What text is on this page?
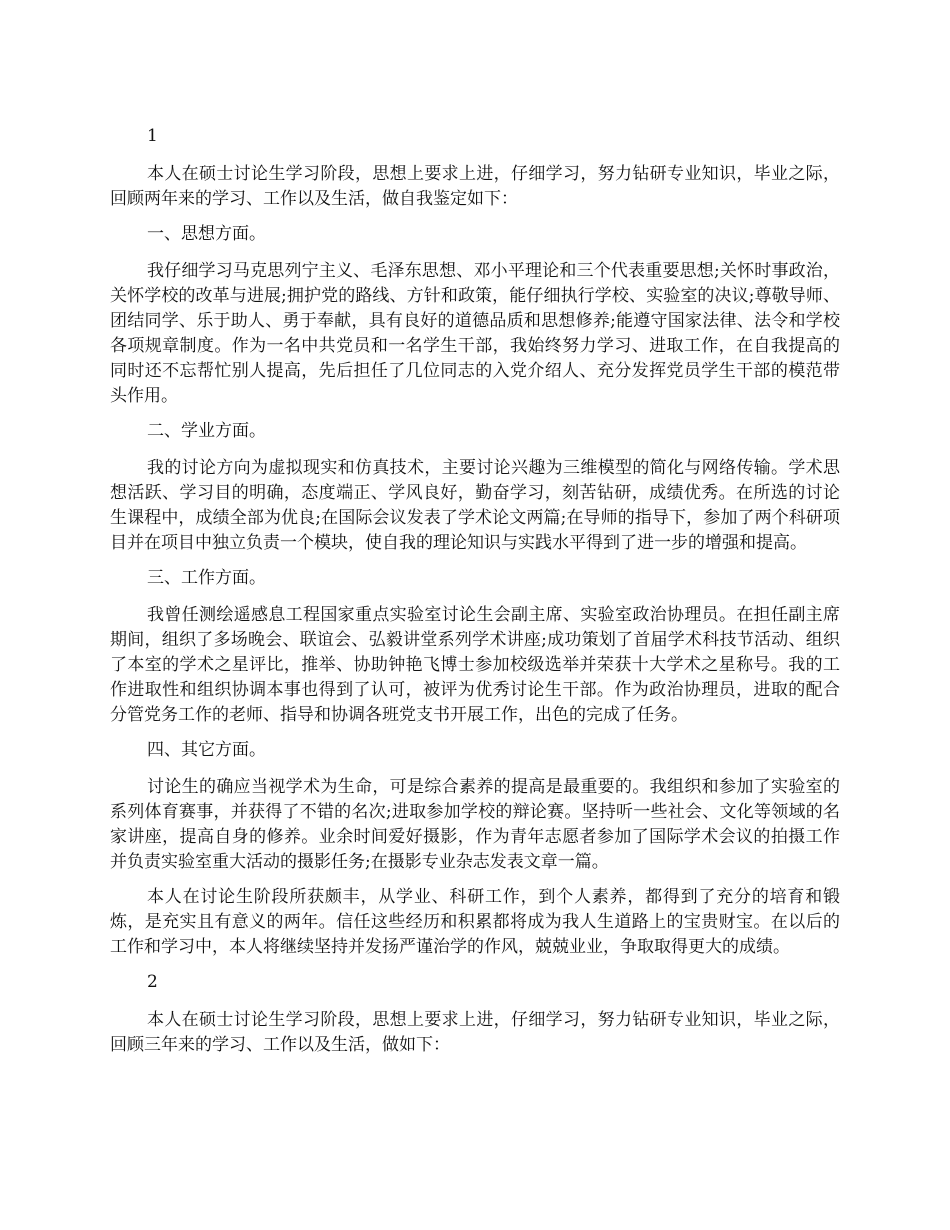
1

本人在硕士讨论生学习阶段，思想上要求上进，仔细学习，努力钻研专业知识，毕业之际，回顾两年来的学习、工作以及生活，做自我鉴定如下：

一、思想方面。

我仔细学习马克思列宁主义、毛泽东思想、邓小平理论和三个代表重要思想;关怀时事政治，关怀学校的改革与进展;拥护党的路线、方针和政策，能仔细执行学校、实验室的决议;尊敬导师、团结同学、乐于助人、勇于奉献，具有良好的道德品质和思想修养;能遵守国家法律、法令和学校各项规章制度。作为一名中共党员和一名学生干部，我始终努力学习、进取工作，在自我提高的同时还不忘帮忙别人提高，先后担任了几位同志的入党介绍人、充分发挥党员学生干部的模范带头作用。

二、学业方面。

我的讨论方向为虚拟现实和仿真技术，主要讨论兴趣为三维模型的简化与网络传输。学术思想活跃、学习目的明确，态度端正、学风良好，勤奋学习，刻苦钻研，成绩优秀。在所选的讨论生课程中，成绩全部为优良;在国际会议发表了学术论文两篇;在导师的指导下，参加了两个科研项目并在项目中独立负责一个模块，使自我的理论知识与实践水平得到了进一步的增强和提高。

三、工作方面。

我曾任测绘遥感息工程国家重点实验室讨论生会副主席、实验室政治协理员。在担任副主席期间，组织了多场晚会、联谊会、弘毅讲堂系列学术讲座;成功策划了首届学术科技节活动、组织了本室的学术之星评比，推举、协助钟艳飞博士参加校级选举并荣获十大学术之星称号。我的工作进取性和组织协调本事也得到了认可，被评为优秀讨论生干部。作为政治协理员，进取的配合分管党务工作的老师、指导和协调各班党支书开展工作，出色的完成了任务。

四、其它方面。

讨论生的确应当视学术为生命，可是综合素养的提高是最重要的。我组织和参加了实验室的系列体育赛事，并获得了不错的名次;进取参加学校的辩论赛。坚持听一些社会、文化等领域的名家讲座，提高自身的修养。业余时间爱好摄影，作为青年志愿者参加了国际学术会议的拍摄工作并负责实验室重大活动的摄影任务;在摄影专业杂志发表文章一篇。

本人在讨论生阶段所获颇丰，从学业、科研工作，到个人素养，都得到了充分的培育和锻炼，是充实且有意义的两年。信任这些经历和积累都将成为我人生道路上的宝贵财宝。在以后的工作和学习中，本人将继续坚持并发扬严谨治学的作风，兢兢业业，争取取得更大的成绩。

2

本人在硕士讨论生学习阶段，思想上要求上进，仔细学习，努力钻研专业知识，毕业之际，回顾三年来的学习、工作以及生活，做如下：
